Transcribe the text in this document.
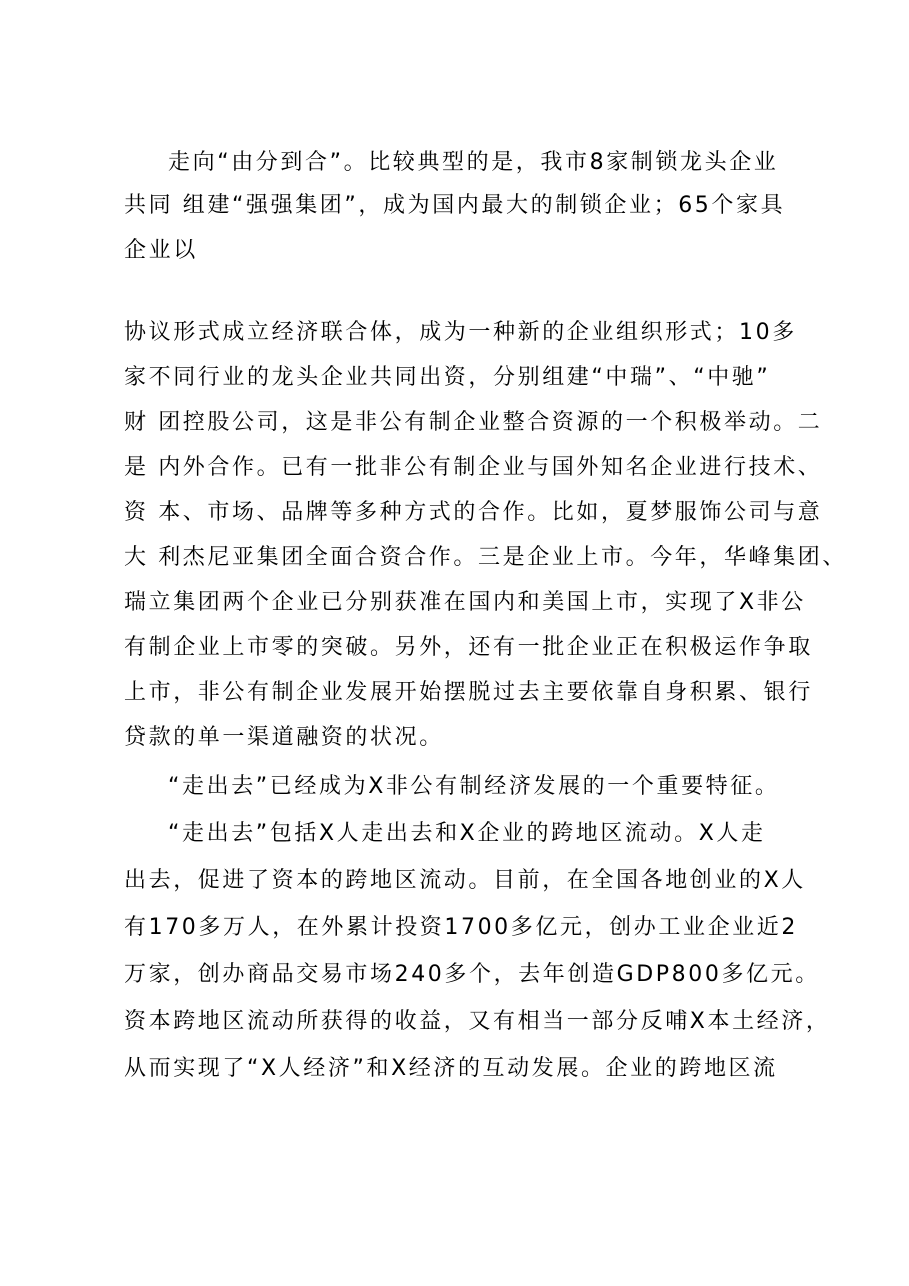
走向“由分到合”。比较典型的是，我市8家制锁龙头企业
共同 组建“强强集团”，成为国内最大的制锁企业；65个家具
企业以
协议形式成立经济联合体，成为一种新的企业组织形式；10多
家不同行业的龙头企业共同出资，分别组建“中瑞”、“中驰”
财 团控股公司，这是非公有制企业整合资源的一个积极举动。二
是 内外合作。已有一批非公有制企业与国外知名企业进行技术、
资 本、市场、品牌等多种方式的合作。比如，夏梦服饰公司与意
大 利杰尼亚集团全面合资合作。三是企业上市。今年，华峰集团、
瑞立集团两个企业已分别获准在国内和美国上市，实现了X非公
有制企业上市零的突破。另外，还有一批企业正在积极运作争取
上市，非公有制企业发展开始摆脱过去主要依靠自身积累、银行
贷款的单一渠道融资的状况。
“走出去”已经成为X非公有制经济发展的一个重要特征。
“走出去”包括X人走出去和X企业的跨地区流动。X人走
出去，促进了资本的跨地区流动。目前，在全国各地创业的X人
有170多万人，在外累计投资1700多亿元，创办工业企业近2
万家，创办商品交易市场240多个，去年创造GDP800多亿元。
资本跨地区流动所获得的收益，又有相当一部分反哺X本土经济，
从而实现了“X人经济”和X经济的互动发展。企业的跨地区流
